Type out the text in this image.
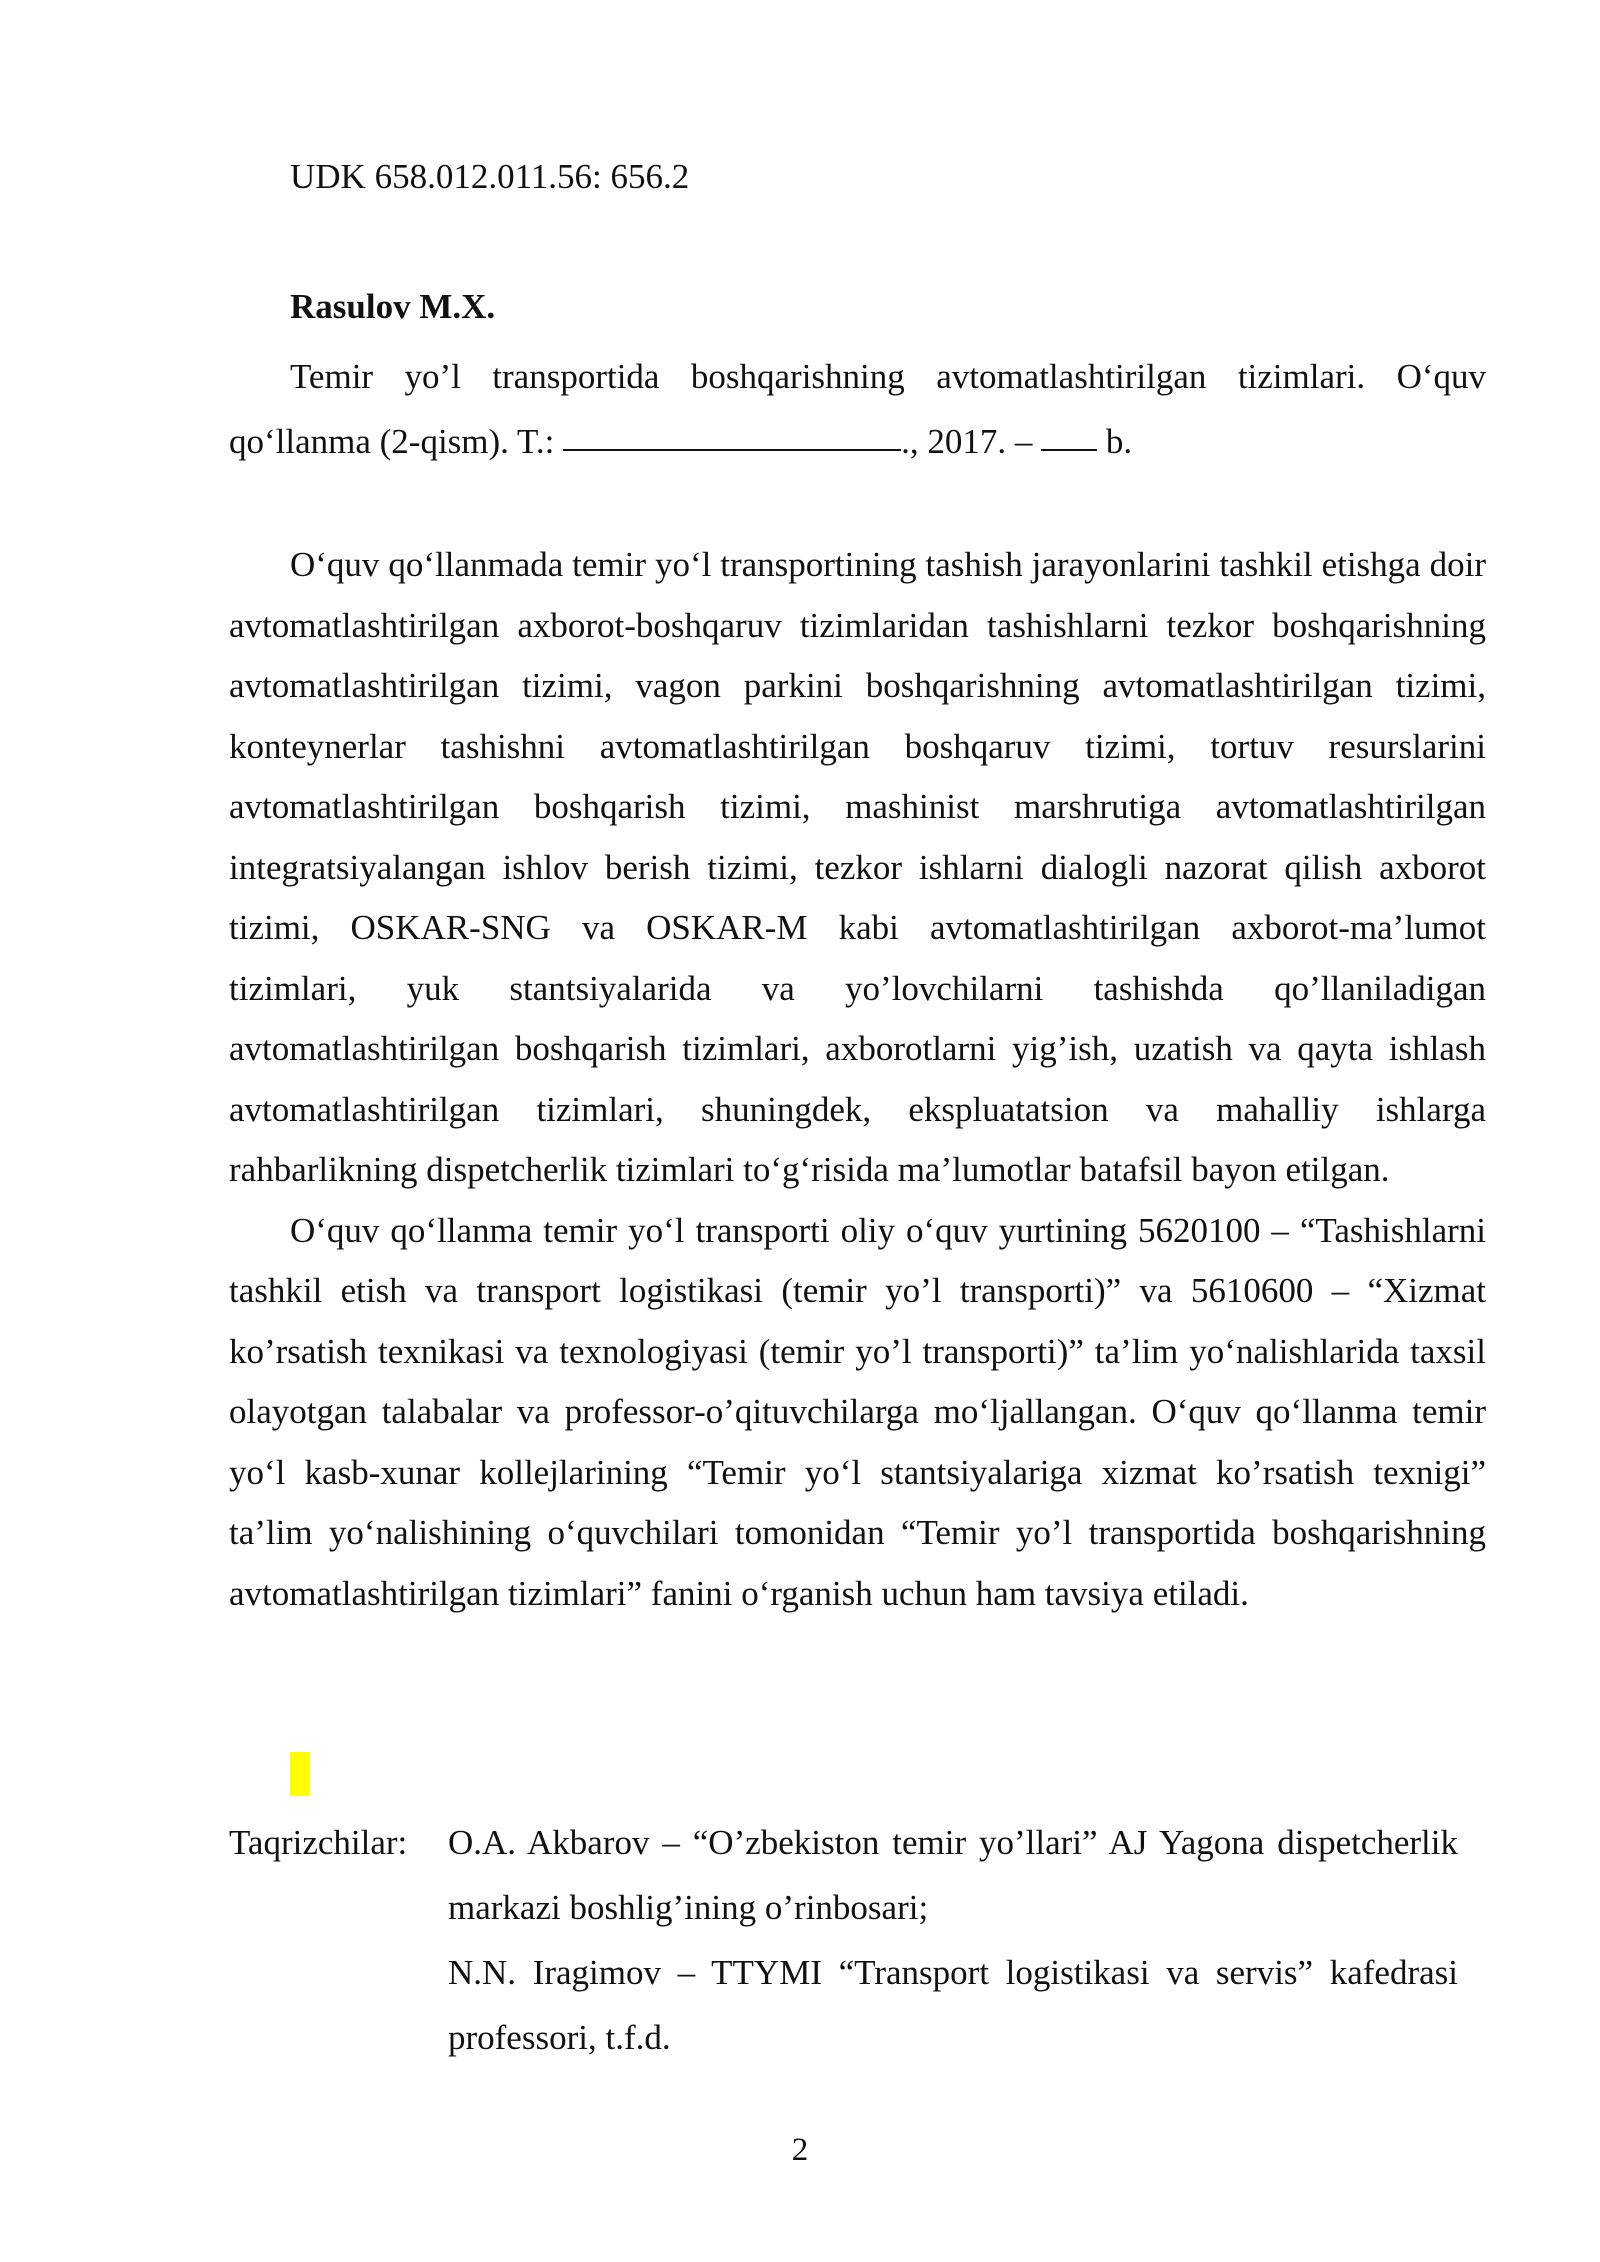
UDK 658.012.011.56: 656.2
Rasulov M.X.
Temir yo’l transportida boshqarishning avtomatlashtirilgan tizimlari. O‘quv qo‘llanma (2-qism). T.:	., 2017. –  b.

O‘quv qo‘llanmada temir yo‘l transportining tashish jarayonlarini tashkil etishga doir avtomatlashtirilgan axborot-boshqaruv tizimlaridan tashishlarni tezkor boshqarishning avtomatlashtirilgan tizimi, vagon parkini boshqarishning avtomatlashtirilgan tizimi, konteynerlar tashishni avtomatlashtirilgan boshqaruv tizimi, tortuv resurslarini avtomatlashtirilgan boshqarish tizimi, mashinist marshrutiga avtomatlashtirilgan integratsiyalangan ishlov berish tizimi, tezkor ishlarni dialogli nazorat qilish axborot tizimi, OSKAR-SNG va OSKAR-M kabi avtomatlashtirilgan axborot-ma’lumot tizimlari, yuk stantsiyalarida va yo’lovchilarni tashishda qo’llaniladigan avtomatlashtirilgan boshqarish tizimlari, axborotlarni yig’ish, uzatish va qayta ishlash avtomatlashtirilgan tizimlari, shuningdek, ekspluatatsion va mahalliy ishlarga rahbarlikning dispetcherlik tizimlari to‘g‘risida ma’lumotlar batafsil bayon etilgan.

O‘quv qo‘llanma temir yo‘l transporti oliy o‘quv yurtining 5620100 – “Tashishlarni tashkil etish va transport logistikasi (temir yo’l transporti)” va 5610600 – “Xizmat ko’rsatish texnikasi va texnologiyasi (temir yo’l transporti)” ta’lim yo‘nalishlarida taxsil olayotgan talabalar va professor-o’qituvchilarga mo‘ljallangan. O‘quv qo‘llanma temir yo‘l kasb-xunar kollejlarining “Temir yo‘l stantsiyalariga xizmat ko’rsatish texnigi” ta’lim yo‘nalishining o‘quvchilari tomonidan “Temir yo’l transportida boshqarishning avtomatlashtirilgan tizimlari” fanini o‘rganish uchun ham tavsiya etiladi.

Taqrizchilar:	O.A. Akbarov – “O’zbekiston temir yo’llari” AJ Yagona dispetcherlik markazi boshlig’ining o’rinbosari;

N.N. Iragimov – TTYMI “Transport logistikasi va servis” kafedrasi professori, t.f.d.

2
